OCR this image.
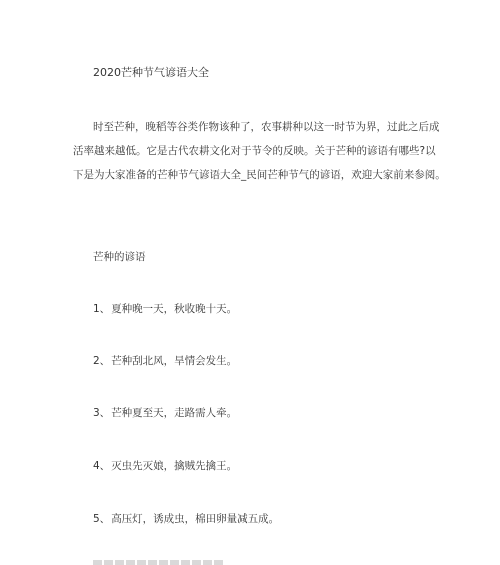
2020芒种节气谚语大全
时至芒种，晚稻等谷类作物该种了，农事耕种以这一时节为界，过此之后成
活率越来越低。它是古代农耕文化对于节令的反映。关于芒种的谚语有哪些?以
下是为大家准备的芒种节气谚语大全_民间芒种节气的谚语，欢迎大家前来参阅。
芒种的谚语
1、夏种晚一天，秋收晚十天。
2、芒种刮北风，旱情会发生。
3、芒种夏至天，走路需人牵。
4、灭虫先灭娘，擒贼先擒王。
5、高压灯，诱成虫，棉田卵量减五成。
